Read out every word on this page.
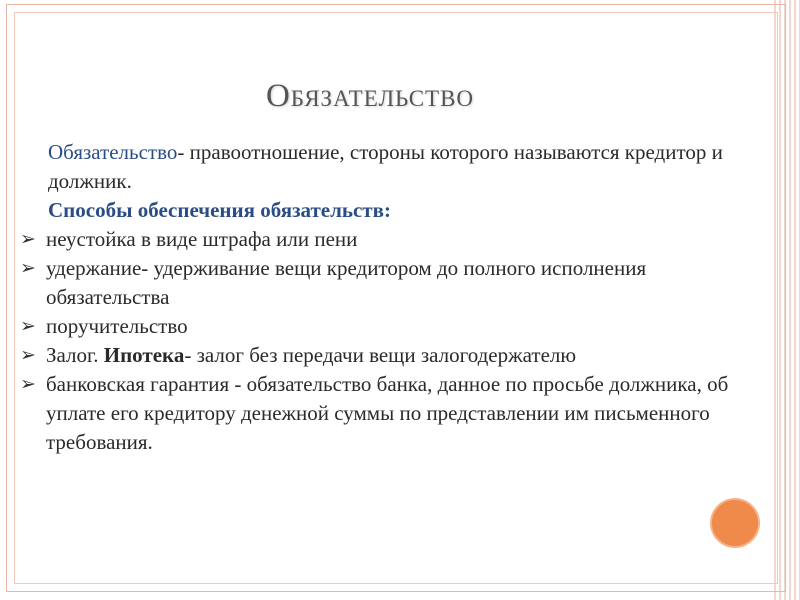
Обязательство
Обязательство- правоотношение, стороны которого называются кредитор и должник.
Способы обеспечения обязательств:
➢ неустойка в виде штрафа или пени
➢ удержание- удерживание вещи кредитором до полного исполнения обязательства
➢ поручительство
➢ Залог. Ипотека- залог без передачи вещи залогодержателю
➢ банковская гарантия - обязательство банка, данное по просьбе должника, об уплате его кредитору денежной суммы по представлении им письменного требования.
